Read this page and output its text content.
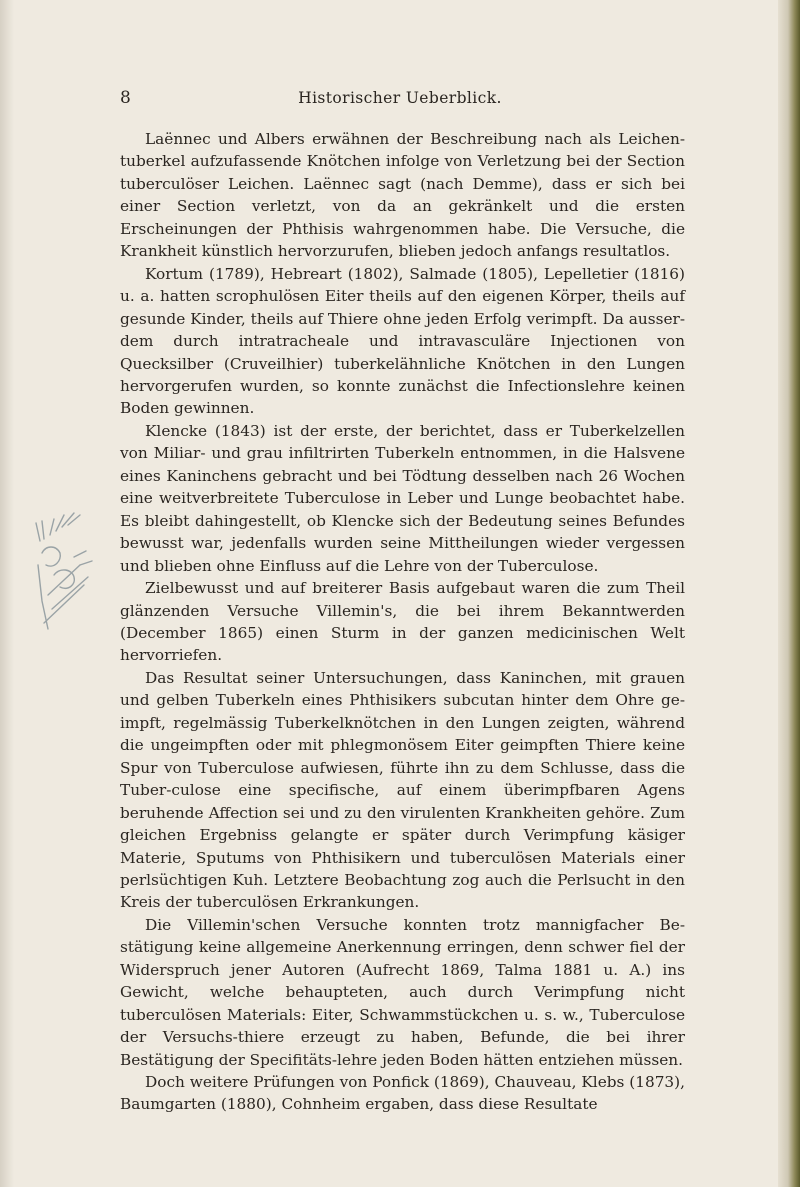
8	Historischer Ueberblick.

Laënnec und Albers erwähnen der Beschreibung nach als Leichen-tuberkel aufzufassende Knötchen infolge von Verletzung bei der Section tuberculöser Leichen. Laënnec sagt (nach Demme), dass er sich bei einer Section verletzt, von da an gekränkelt und die ersten Erscheinungen der Phthisis wahrgenommen habe. Die Versuche, die Krankheit künstlich hervorzurufen, blieben jedoch anfangs resultatlos.

Kortum (1789), Hebreart (1802), Salmade (1805), Lepelletier (1816) u. a. hatten scrophulösen Eiter theils auf den eigenen Körper, theils auf gesunde Kinder, theils auf Thiere ohne jeden Erfolg verimpft. Da ausser-dem durch intratracheale und intravasculäre Injectionen von Quecksilber (Cruveilhier) tuberkelähnliche Knötchen in den Lungen hervorgerufen wurden, so konnte zunächst die Infectionslehre keinen Boden gewinnen.

Klencke (1843) ist der erste, der berichtet, dass er Tuberkelzellen von Miliar- und grau infiltrirten Tuberkeln entnommen, in die Halsvene eines Kaninchens gebracht und bei Tödtung desselben nach 26 Wochen eine weitverbreitete Tuberculose in Leber und Lunge beobachtet habe. Es bleibt dahingestellt, ob Klencke sich der Bedeutung seines Befundes bewusst war, jedenfalls wurden seine Mittheilungen wieder vergessen und blieben ohne Einfluss auf die Lehre von der Tuberculose.

Zielbewusst und auf breiterer Basis aufgebaut waren die zum Theil glänzenden Versuche Villemin's, die bei ihrem Bekanntwerden (December 1865) einen Sturm in der ganzen medicinischen Welt hervorriefen.

Das Resultat seiner Untersuchungen, dass Kaninchen, mit grauen und gelben Tuberkeln eines Phthisikers subcutan hinter dem Ohre ge-impft, regelmässig Tuberkelknötchen in den Lungen zeigten, während die ungeimpften oder mit phlegmonösem Eiter geimpften Thiere keine Spur von Tuberculose aufwiesen, führte ihn zu dem Schlusse, dass die Tuber-culose eine specifische, auf einem überimpfbaren Agens beruhende Affection sei und zu den virulenten Krankheiten gehöre. Zum gleichen Ergebniss gelangte er später durch Verimpfung käsiger Materie, Sputums von Phthisikern und tuberculösen Materials einer perlsüchtigen Kuh. Letztere Beobachtung zog auch die Perlsucht in den Kreis der tuberculösen Erkrankungen.

Die Villemin'schen Versuche konnten trotz mannigfacher Be-stätigung keine allgemeine Anerkennung erringen, denn schwer fiel der Widerspruch jener Autoren (Aufrecht 1869, Talma 1881 u. A.) ins Gewicht, welche behaupteten, auch durch Verimpfung nicht tuberculösen Materials: Eiter, Schwammstückchen u. s. w., Tuberculose der Versuchs-thiere erzeugt zu haben, Befunde, die bei ihrer Bestätigung der Specifitäts-lehre jeden Boden hätten entziehen müssen.

Doch weitere Prüfungen von Ponfick (1869), Chauveau, Klebs (1873), Baumgarten (1880), Cohnheim ergaben, dass diese Resultate
